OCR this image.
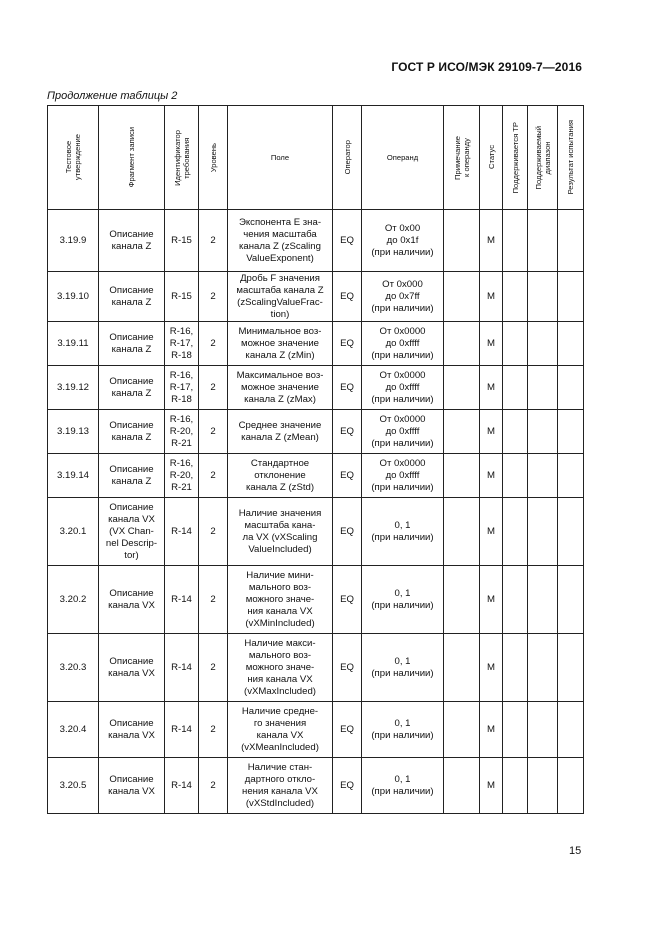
ГОСТ Р ИСО/МЭК 29109-7—2016
Продолжение таблицы 2
Тестовое
утверждение	Фрагмент записи	Идентификатор
требования	Уровень	Поле	Оператор	Операнд	Примечание
к операнду	Статус	Поддерживается ТР	Поддерживаемый
диапазон	Результат испытания

3.19.9	Описание
канала Z	R-15	2	Экспонента E зна-
чения масштаба
канала Z (zScaling
ValueExponent)	EQ	От 0x00
до 0x1f
(при наличии)		M			

3.19.10	Описание
канала Z	R-15	2	Дробь F значения
масштаба канала Z
(zScalingValueFrac-
tion)	EQ	От 0x000
до 0x7ff
(при наличии)		M			

3.19.11	Описание
канала Z	R-16,
R-17,
R-18	2	Минимальное воз-
можное значение
канала Z (zMin)	EQ	От 0x0000
до 0xffff
(при наличии)		M			

3.19.12	Описание
канала Z	R-16,
R-17,
R-18	2	Максимальное воз-
можное значение
канала Z (zMax)	EQ	От 0x0000
до 0xffff
(при наличии)		M			

3.19.13	Описание
канала Z	R-16,
R-20,
R-21	2	Среднее значение
канала Z (zMean)	EQ	От 0x0000
до 0xffff
(при наличии)		M			

3.19.14	Описание
канала Z	R-16,
R-20,
R-21	2	Стандартное
отклонение
канала Z (zStd)	EQ	От 0x0000
до 0xffff
(при наличии)		M			

3.20.1	Описание
канала VX
(VX Chan-
nel Descrip-
tor)	R-14	2	Наличие значения
масштаба кана-
ла VX (vXScaling
ValueIncluded)	EQ	0, 1
(при наличии)		M			

3.20.2	Описание
канала VX	R-14	2	Наличие мини-
мального воз-
можного значе-
ния канала VX
(vXMinIncluded)	EQ	0, 1
(при наличии)		M			

3.20.3	Описание
канала VX	R-14	2	Наличие макси-
мального воз-
можного значе-
ния канала VX
(vXMaxIncluded)	EQ	0, 1
(при наличии)		M			

3.20.4	Описание
канала VX	R-14	2	Наличие средне-
го значения
канала VX
(vXMeanIncluded)	EQ	0, 1
(при наличии)		M			

3.20.5	Описание
канала VX	R-14	2	Наличие стан-
дартного откло-
нения канала VX
(vXStdIncluded)	EQ	0, 1
(при наличии)		M			

15
